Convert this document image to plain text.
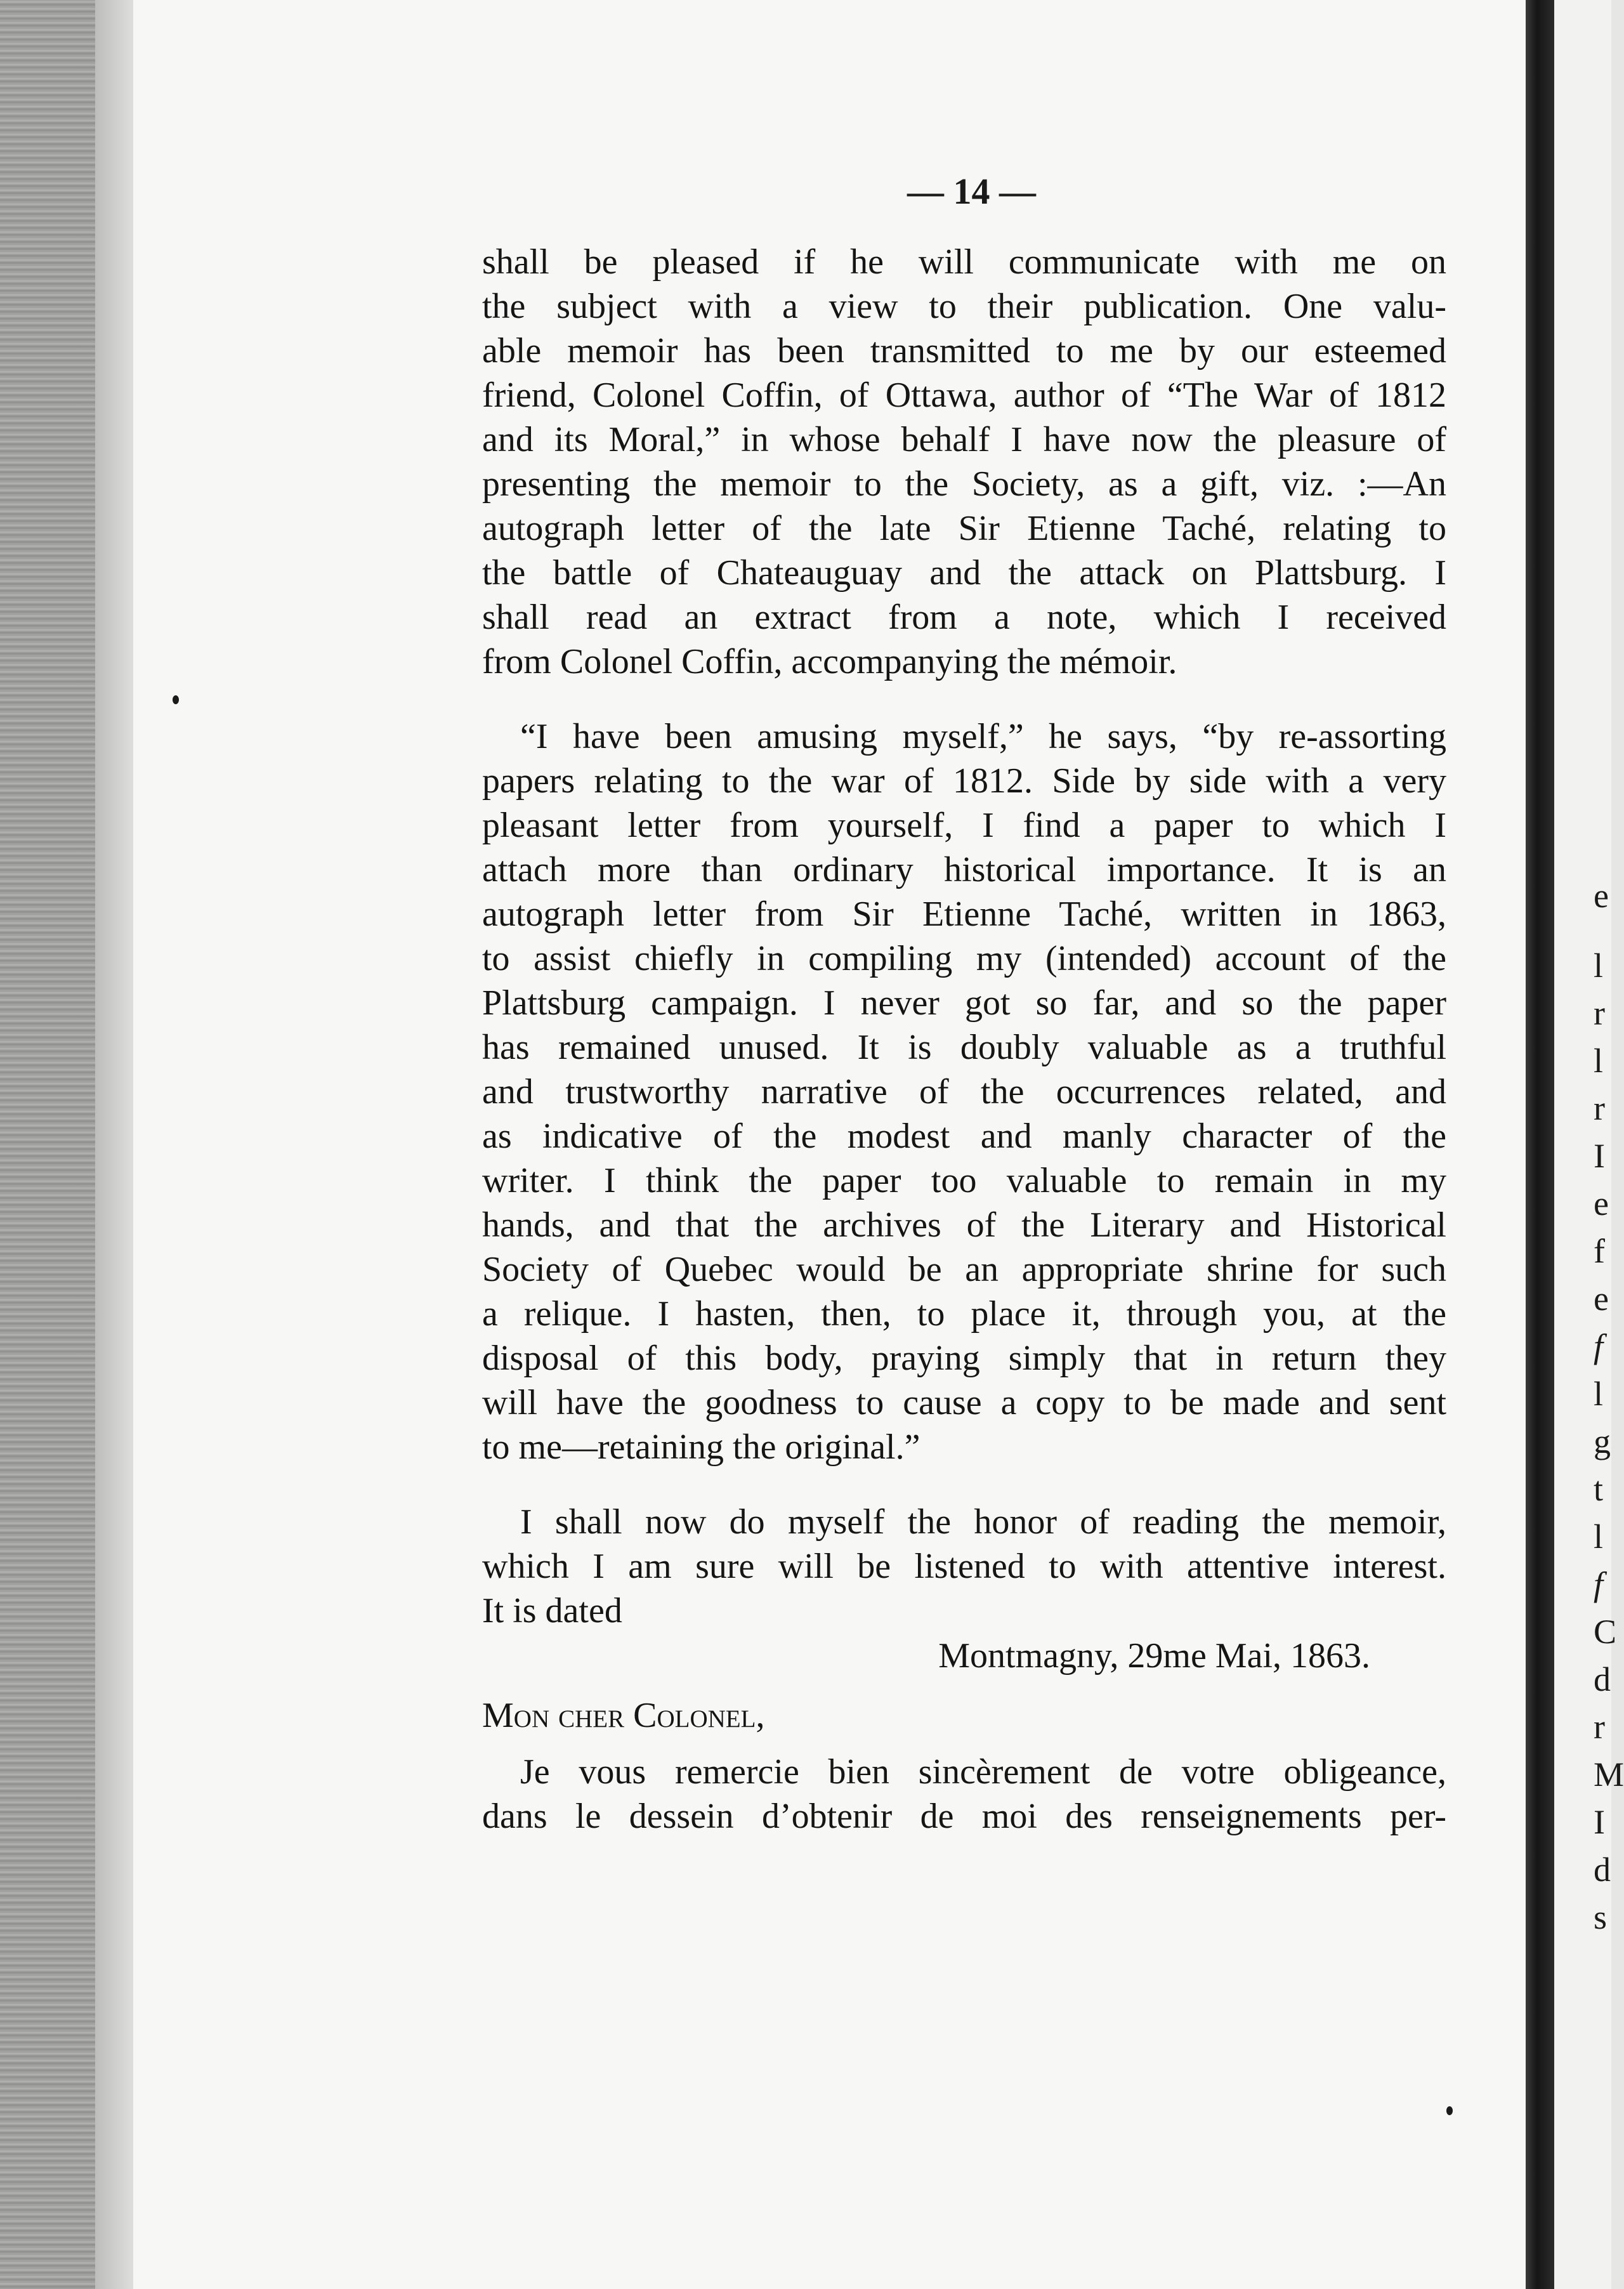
— 14 —
shall be pleased if he will communicate with me on
the subject with a view to their publication. One valu-
able memoir has been transmitted to me by our esteemed
friend, Colonel Coffin, of Ottawa, author of “The War of 1812
and its Moral,” in whose behalf I have now the pleasure of
presenting the memoir to the Society, as a gift, viz. :—An
autograph letter of the late Sir Etienne Taché, relating to
the battle of Chateauguay and the attack on Plattsburg. I
shall read an extract from a note, which I received
from Colonel Coffin, accompanying the mémoir.
“I have been amusing myself,” he says, “by re-assorting
papers relating to the war of 1812. Side by side with a very
pleasant letter from yourself, I find a paper to which I
attach more than ordinary historical importance. It is an
autograph letter from Sir Etienne Taché, written in 1863,
to assist chiefly in compiling my (intended) account of the
Plattsburg campaign. I never got so far, and so the paper
has remained unused. It is doubly valuable as a truthful
and trustworthy narrative of the occurrences related, and
as indicative of the modest and manly character of the
writer. I think the paper too valuable to remain in my
hands, and that the archives of the Literary and Historical
Society of Quebec would be an appropriate shrine for such
a relique. I hasten, then, to place it, through you, at the
disposal of this body, praying simply that in return they
will have the goodness to cause a copy to be made and sent
to me—retaining the original.”
I shall now do myself the honor of reading the memoir,
which I am sure will be listened to with attentive interest.
It is dated
Montmagny, 29me Mai, 1863.
Mon cher Colonel,
Je vous remercie bien sincèrement de votre obligeance,
dans le dessein d’obtenir de moi des renseignements per-
e
l
r
l
r
I
e
f
e
f
l
g
t
l
f
C
d
r
M
I
d
s
